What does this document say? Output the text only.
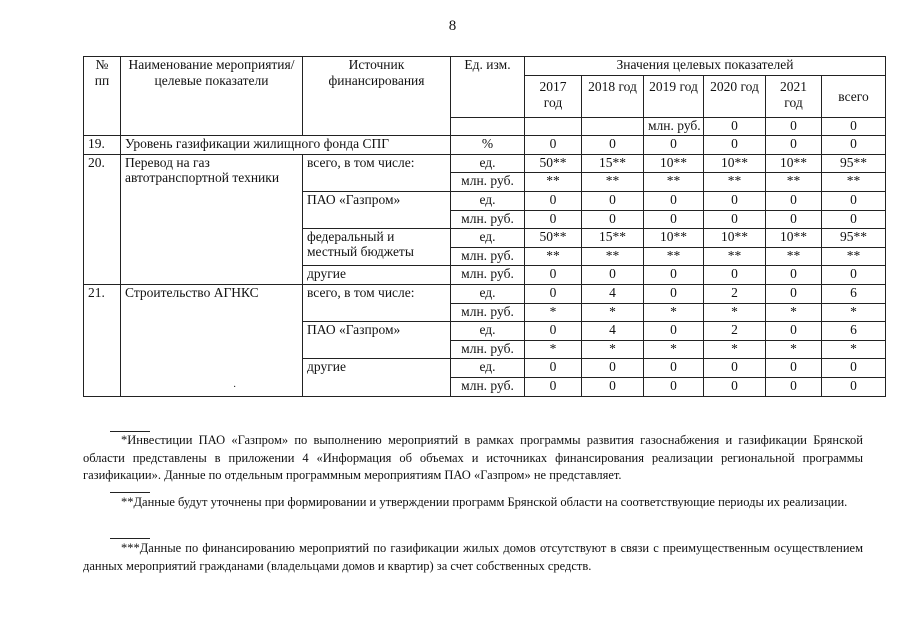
8
№ пп	Наименование мероприятия/целевые показатели	Источник финансирования	Ед. изм.	Значения целевых показателей						
				2017 год	2018 год	2019 год	2020 год	2021 год	всего	
						млн. руб.	0	0	0			
19.	Уровень газификации жилищного фонда СПГ		%	0	0	0	0	0	0	
20.	Перевод на газ автотранспортной техники	всего, в том числе:	ед.	50**	15**	10**	10**	10**	95**	
			млн. руб.	**	**	**	**	**	**	
		ПАО «Газпром»	ед.	0	0	0	0	0	0	
			млн. руб.	0	0	0	0	0	0	
		федеральный и местный бюджеты	ед.	50**	15**	10**	10**	10**	95**	
			млн. руб.	**	**	**	**	**	**	
		другие	млн. руб.	0	0	0	0	0	0	
21.	Строительство АГНКС	всего, в том числе:	ед.	0	4	0	2	0	6	
			млн. руб.	*	*	*	*	*	*	
		ПАО «Газпром»	ед.	0	4	0	2	0	6	
			млн. руб.	*	*	*	*	*	*	
		другие	ед.	0	0	0	0	0	0	
			млн. руб.	0	0	0	0	0	0	
·
*Инвестиции ПАО «Газпром» по выполнению мероприятий в рамках программы развития газоснабжения и газификации Брянской области представлены в приложении 4 «Информация об объемах и источниках финансирования реализации региональной программы газификации». Данные по отдельным программным мероприятиям ПАО «Газпром» не представляет.
**Данные будут уточнены при формировании и утверждении программ Брянской области на соответствующие периоды их реализации.
***Данные по финансированию мероприятий по газификации жилых домов отсутствуют в связи с преимущественным осуществлением данных мероприятий гражданами (владельцами домов и квартир) за счет собственных средств.
